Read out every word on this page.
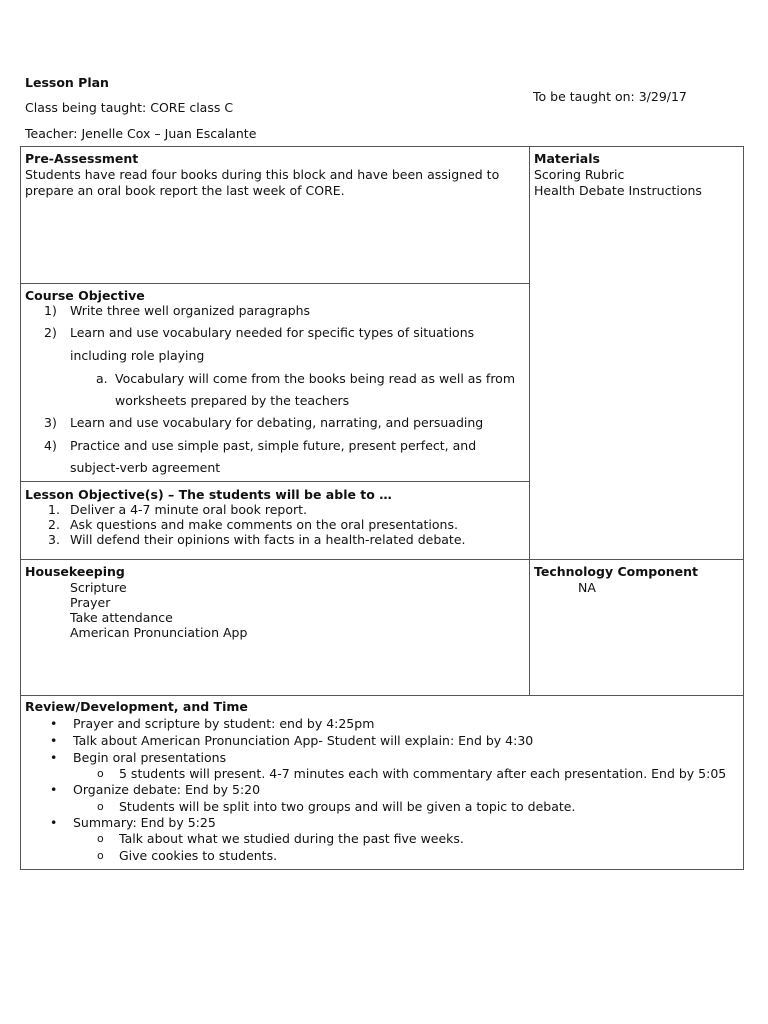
Lesson Plan
Class being taught: CORE class C
Teacher: Jenelle Cox – Juan Escalante
To be taught on: 3/29/17
Pre-Assessment
Students have read four books during this block and have been assigned to
prepare an oral book report the last week of CORE.
Materials
Scoring Rubric
Health Debate Instructions
Course Objective
1) Write three well organized paragraphs
2) Learn and use vocabulary needed for specific types of situations
including role playing
a. Vocabulary will come from the books being read as well as from
worksheets prepared by the teachers
3) Learn and use vocabulary for debating, narrating, and persuading
4) Practice and use simple past, simple future, present perfect, and
subject-verb agreement
Lesson Objective(s) – The students will be able to …
1. Deliver a 4-7 minute oral book report.
2. Ask questions and make comments on the oral presentations.
3. Will defend their opinions with facts in a health-related debate.
Housekeeping
Scripture
Prayer
Take attendance
American Pronunciation App
Technology Component
NA
Review/Development, and Time
• Prayer and scripture by student: end by 4:25pm
• Talk about American Pronunciation App- Student will explain: End by 4:30
• Begin oral presentations
o 5 students will present. 4-7 minutes each with commentary after each presentation. End by 5:05
• Organize debate: End by 5:20
o Students will be split into two groups and will be given a topic to debate.
• Summary: End by 5:25
o Talk about what we studied during the past five weeks.
o Give cookies to students.
